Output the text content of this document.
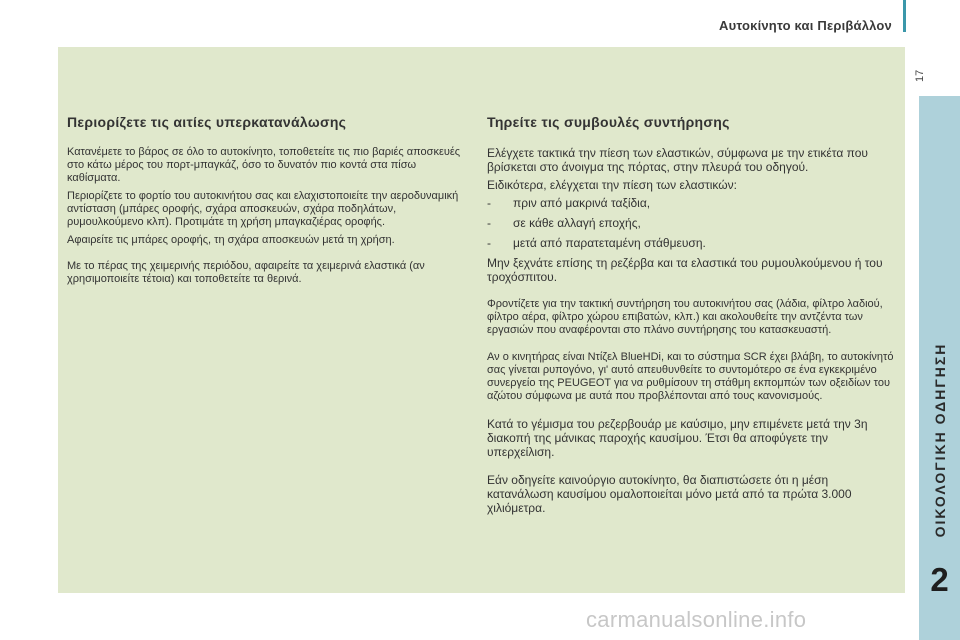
Αυτοκίνητο και Περιβάλλον
17
ΟΙΚΟΛΟΓΙΚΗ ΟΔΗΓΗΣΗ
2
Περιορίζετε τις αιτίες υπερκατανάλωσης

Κατανέμετε το βάρος σε όλο το αυτοκίνητο, τοποθετείτε τις πιο βαριές αποσκευές στο κάτω μέρος του πορτ-μπαγκάζ, όσο το δυνατόν πιο κοντά στα πίσω καθίσματα.

Περιορίζετε το φορτίο του αυτοκινήτου σας και ελαχιστοποιείτε την αεροδυναμική αντίσταση (μπάρες οροφής, σχάρα αποσκευών, σχάρα ποδηλάτων, ρυμουλκούμενο κλπ). Προτιμάτε τη χρήση μπαγκαζιέρας οροφής.

Αφαιρείτε τις μπάρες οροφής, τη σχάρα αποσκευών μετά τη χρήση.

Με το πέρας της χειμερινής περιόδου, αφαιρείτε τα χειμερινά ελαστικά (αν χρησιμοποιείτε τέτοια) και τοποθετείτε τα θερινά.

Τηρείτε τις συμβουλές συντήρησης

Ελέγχετε τακτικά την πίεση των ελαστικών, σύμφωνα με την ετικέτα που βρίσκεται στο άνοιγμα της πόρτας, στην πλευρά του οδηγού.

Ειδικότερα, ελέγχεται την πίεση των ελαστικών:

-	πριν από μακρινά ταξίδια,
-	σε κάθε αλλαγή εποχής,
-	μετά από παρατεταμένη στάθμευση.

Μην ξεχνάτε επίσης τη ρεζέρβα και τα ελαστικά του ρυμουλκούμενου ή του τροχόσπιτου.

Φροντίζετε για την τακτική συντήρηση του αυτοκινήτου σας (λάδια, φίλτρο λαδιού, φίλτρο αέρα, φίλτρο χώρου επιβατών, κλπ.) και ακολουθείτε την αντζέντα των εργασιών που αναφέρονται στο πλάνο συντήρησης του κατασκευαστή.

Αν ο κινητήρας είναι Ντίζελ BlueHDi, και το σύστημα SCR έχει βλάβη, το αυτοκίνητό σας γίνεται ρυπογόνο, γι' αυτό απευθυνθείτε το συντομότερο σε ένα εγκεκριμένο συνεργείο της PEUGEOT για να ρυθμίσουν τη στάθμη εκπομπών των οξειδίων του αζώτου σύμφωνα με αυτά που προβλέπονται από τους κανονισμούς.

Κατά το γέμισμα του ρεζερβουάρ με καύσιμο, μην επιμένετε μετά την 3η διακοπή της μάνικας παροχής καυσίμου. Έτσι θα αποφύγετε την υπερχείλιση.

Εάν οδηγείτε καινούργιο αυτοκίνητο, θα διαπιστώσετε ότι η μέση κατανάλωση καυσίμου ομαλοποιείται μόνο μετά από τα πρώτα 3.000 χιλιόμετρα.

carmanualsonline.info
